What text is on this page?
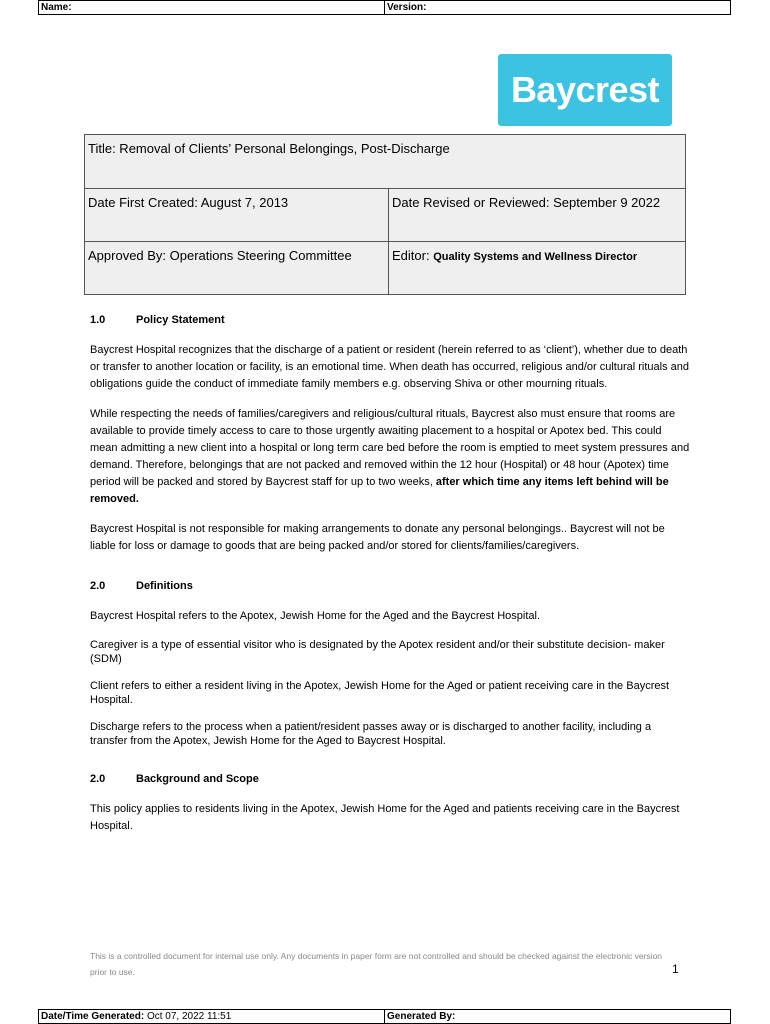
Name:	Version:
Baycrest
Title: Removal of Clients’ Personal Belongings, Post-Discharge	
Date First Created: August 7, 2013	Date Revised or Reviewed: September 9 2022
Approved By: Operations Steering Committee	Editor: Quality Systems and Wellness Director
1.0	Policy Statement

Baycrest Hospital recognizes that the discharge of a patient or resident (herein referred to as ‘client’), whether due to death or transfer to another location or facility, is an emotional time. When death has occurred, religious and/or cultural rituals and obligations guide the conduct of immediate family members e.g. observing Shiva or other mourning rituals.

While respecting the needs of families/caregivers and religious/cultural rituals, Baycrest also must ensure that rooms are available to provide timely access to care to those urgently awaiting placement to a hospital or Apotex bed. This could mean admitting a new client into a hospital or long term care bed before the room is emptied to meet system pressures and demand. Therefore, belongings that are not packed and removed within the 12 hour (Hospital) or 48 hour (Apotex) time period will be packed and stored by Baycrest staff for up to two weeks, after which time any items left behind will be removed.

Baycrest Hospital is not responsible for making arrangements to donate any personal belongings.. Baycrest will not be liable for loss or damage to goods that are being packed and/or stored for clients/families/caregivers.

2.0	Definitions

Baycrest Hospital refers to the Apotex, Jewish Home for the Aged and the Baycrest Hospital.

Caregiver is a type of essential visitor who is designated by the Apotex resident and/or their substitute decision- maker (SDM)

Client refers to either a resident living in the Apotex, Jewish Home for the Aged or patient receiving care in the Baycrest Hospital.

Discharge refers to the process when a patient/resident passes away or is discharged to another facility, including a transfer from the Apotex, Jewish Home for the Aged to Baycrest Hospital.

2.0	Background and Scope

This policy applies to residents living in the Apotex, Jewish Home for the Aged and patients receiving care in the Baycrest Hospital.

This is a controlled document for internal use only. Any documents in paper form are not controlled and should be checked against the electronic version prior to use.	1
Date/Time Generated: Oct 07, 2022 11:51	Generated By:
